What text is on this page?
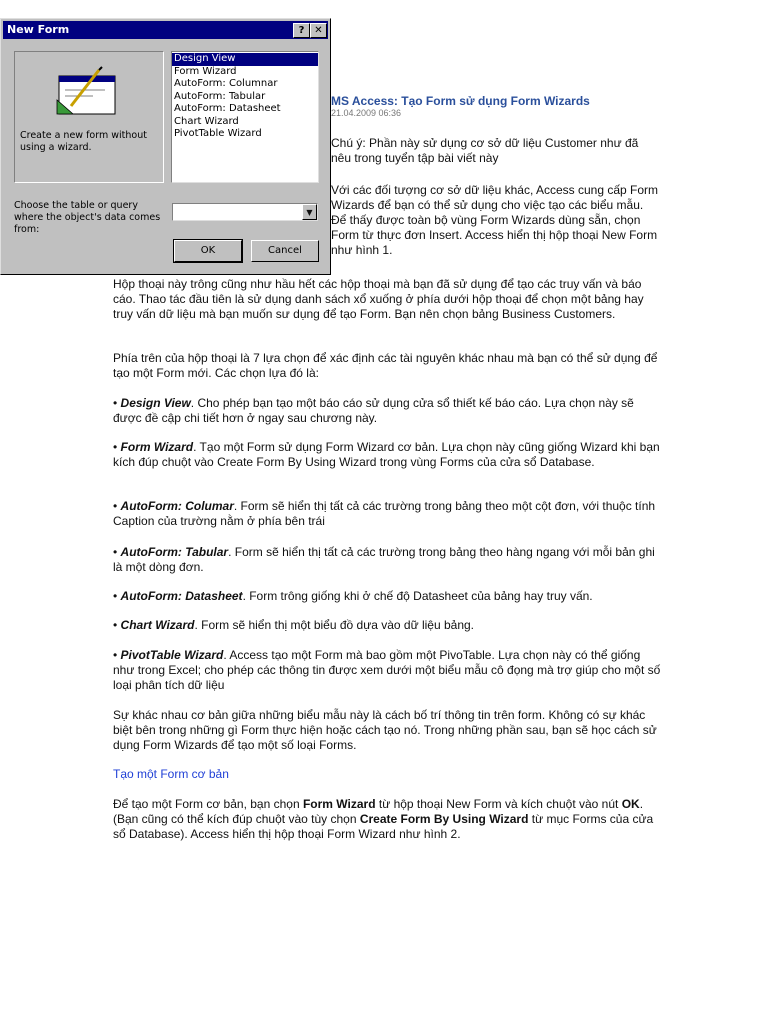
New Form	? ✕
Create a new form without using a wizard.
Design View
Form Wizard
AutoForm: Columnar
AutoForm: Tabular
AutoForm: Datasheet
Chart Wizard
PivotTable Wizard
Choose the table or query where the object's data comes from:
▼
OK	Cancel
MS Access: Tạo Form sử dụng Form Wizards
21.04.2009 06:36

Chú ý: Phần này sử dụng cơ sở dữ liệu Customer như đã nêu trong tuyển tập bài viết này

Với các đối tượng cơ sở dữ liệu khác, Access cung cấp Form Wizards để bạn có thể sử dụng cho việc tạo các biểu mẫu. Để thấy được toàn bộ vùng Form Wizards dùng sẵn, chọn Form từ thực đơn Insert. Access hiển thị hộp thoại New Form như hình 1.

Hộp thoại này trông cũng như hầu hết các hộp thoại mà bạn đã sử dụng để tạo các truy vấn và báo cáo. Thao tác đầu tiên là sử dụng danh sách xổ xuống ở phía dưới hộp thoại để chọn một bảng hay truy vấn dữ liệu mà bạn muốn sư dụng để tạo Form. Bạn nên chọn bảng Business Customers.

Phía trên của hộp thoại là 7 lựa chọn để xác định các tài nguyên khác nhau mà bạn có thể sử dụng để tạo một Form mới. Các chọn lựa đó là:

• Design View. Cho phép bạn tạo một báo cáo sử dụng cửa sổ thiết kế báo cáo. Lựa chọn này sẽ được đề cập chi tiết hơn ở ngay sau chương này.

• Form Wizard. Tạo một Form sử dụng Form Wizard cơ bản. Lựa chọn này cũng giống Wizard khi bạn kích đúp chuột vào Create Form By Using Wizard trong vùng Forms của cửa sổ Database.

• AutoForm: Columar. Form sẽ hiển thị tất cả các trường trong bảng theo một cột đơn, với thuộc tính Caption của trường nằm ở phía bên trái

• AutoForm: Tabular. Form sẽ hiển thị tất cả các trường trong bảng theo hàng ngang với mỗi bản ghi là một dòng đơn.

• AutoForm: Datasheet. Form trông giống khi ở chế độ Datasheet của bảng hay truy vấn.

• Chart Wizard. Form sẽ hiển thị một biểu đồ dựa vào dữ liệu bảng.

• PivotTable Wizard. Access tạo một Form mà bao gồm một PivoTable. Lựa chọn này có thể giống như trong Excel; cho phép các thông tin được xem dưới một biểu mẫu cô đọng mà trợ giúp cho một số loại phân tích dữ liệu

Sự khác nhau cơ bản giữa những biểu mẫu này là cách bố trí thông tin trên form. Không có sự khác biệt bên trong những gì Form thực hiện hoặc cách tạo nó. Trong những phần sau, bạn sẽ học cách sử dụng Form Wizards để tạo một số loại Forms.

Tạo một Form cơ bản

Để tạo một Form cơ bản, bạn chọn Form Wizard từ hộp thoại New Form và kích chuột vào nút OK. (Bạn cũng có thể kích đúp chuột vào tùy chọn Create Form By Using Wizard từ mục Forms của cửa sổ Database). Access hiển thị hộp thoại Form Wizard như hình 2.
